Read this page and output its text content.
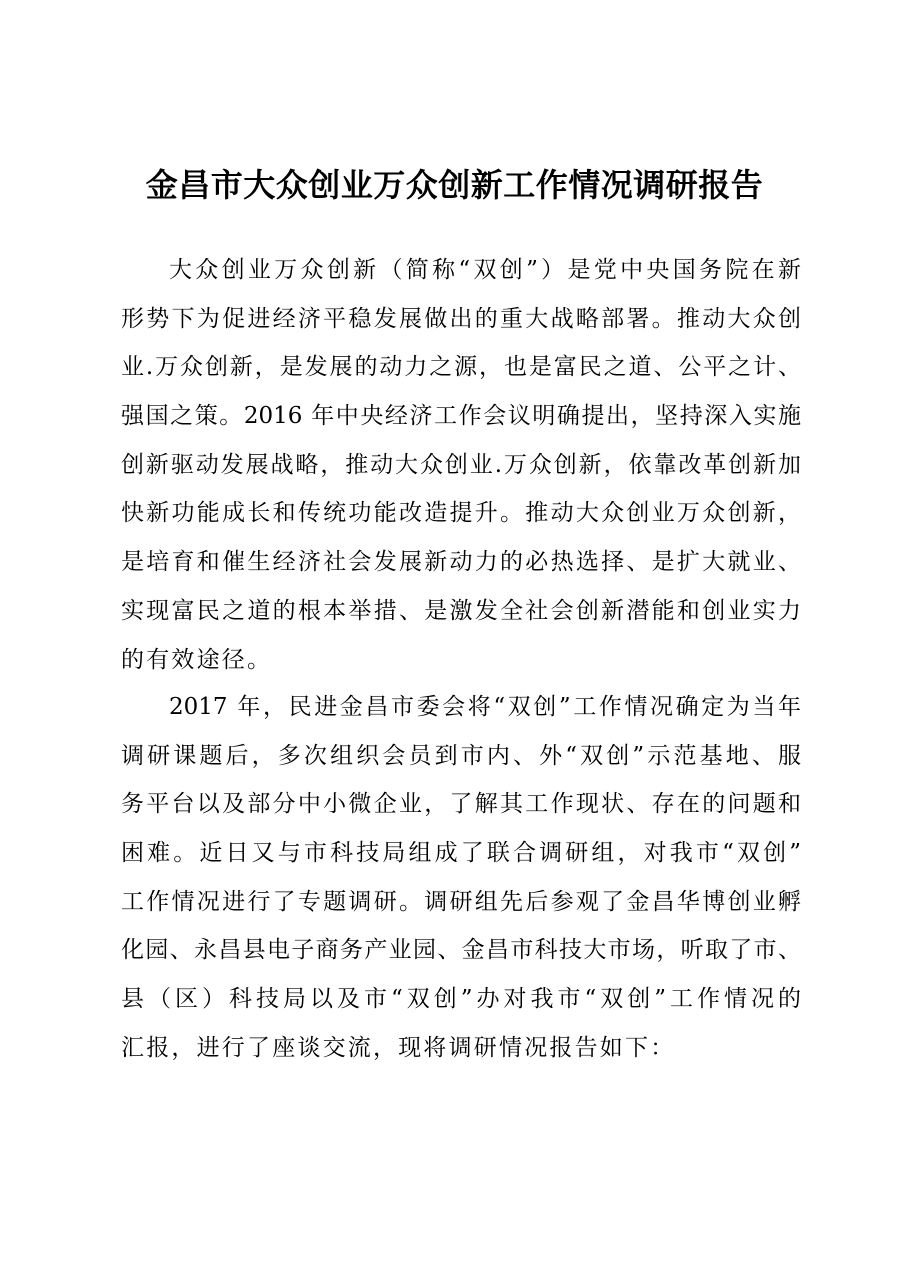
金昌市大众创业万众创新工作情况调研报告
大众创业万众创新（简称“双创”）是党中央国务院在新
形势下为促进经济平稳发展做出的重大战略部署。推动大众创
业.万众创新，是发展的动力之源，也是富民之道、公平之计、
强国之策。2016 年中央经济工作会议明确提出，坚持深入实施
创新驱动发展战略，推动大众创业.万众创新，依靠改革创新加
快新功能成长和传统功能改造提升。推动大众创业万众创新，
是培育和催生经济社会发展新动力的必热选择、是扩大就业、
实现富民之道的根本举措、是激发全社会创新潜能和创业实力
的有效途径。
2017 年，民进金昌市委会将“双创”工作情况确定为当年
调研课题后，多次组织会员到市内、外“双创”示范基地、服
务平台以及部分中小微企业，了解其工作现状、存在的问题和
困难。近日又与市科技局组成了联合调研组，对我市“双创”
工作情况进行了专题调研。调研组先后参观了金昌华博创业孵
化园、永昌县电子商务产业园、金昌市科技大市场，听取了市、
县（区）科技局以及市“双创”办对我市“双创”工作情况的
汇报，进行了座谈交流，现将调研情况报告如下：
